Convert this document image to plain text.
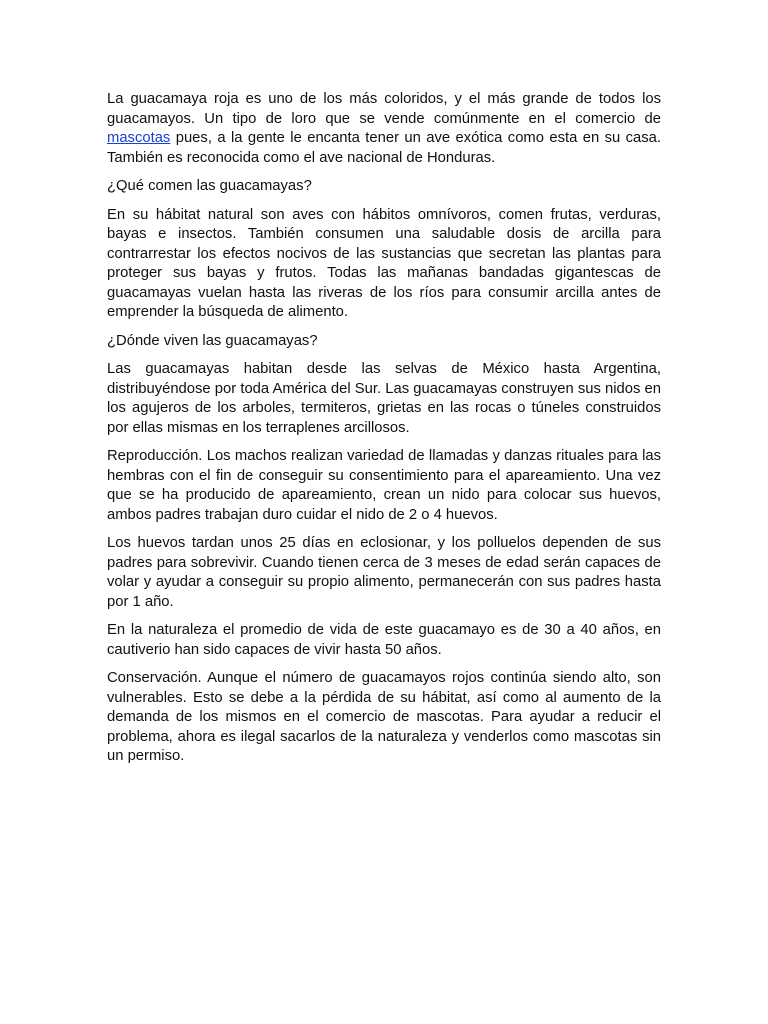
La guacamaya roja es uno de los más coloridos, y el más grande de todos los guacamayos. Un tipo de loro que se vende comúnmente en el comercio de mascotas pues, a la gente le encanta tener un ave exótica como esta en su casa. También es reconocida como el ave nacional de Honduras.

¿Qué comen las guacamayas?

En su hábitat natural son aves con hábitos omnívoros, comen frutas, verduras, bayas e insectos. También consumen una saludable dosis de arcilla para contrarrestar los efectos nocivos de las sustancias que secretan las plantas para proteger sus bayas y frutos. Todas las mañanas bandadas gigantescas de guacamayas vuelan hasta las riveras de los ríos para consumir arcilla antes de emprender la búsqueda de alimento.

¿Dónde viven las guacamayas?

Las guacamayas habitan desde las selvas de México hasta Argentina, distribuyéndose por toda América del Sur. Las guacamayas construyen sus nidos en los agujeros de los arboles, termiteros, grietas en las rocas o túneles construidos por ellas mismas en los terraplenes arcillosos.

Reproducción. Los machos realizan variedad de llamadas y danzas rituales para las hembras con el fin de conseguir su consentimiento para el apareamiento. Una vez que se ha producido de apareamiento, crean un nido para colocar sus huevos, ambos padres trabajan duro cuidar el nido de 2 o 4 huevos.

Los huevos tardan unos 25 días en eclosionar, y los polluelos dependen de sus padres para sobrevivir. Cuando tienen cerca de 3 meses de edad serán capaces de volar y ayudar a conseguir su propio alimento, permanecerán con sus padres hasta por 1 año.

En la naturaleza el promedio de vida de este guacamayo es de 30 a 40 años, en cautiverio han sido capaces de vivir hasta 50 años.

Conservación. Aunque el número de guacamayos rojos continúa siendo alto, son vulnerables. Esto se debe a la pérdida de su hábitat, así como al aumento de la demanda de los mismos en el comercio de mascotas. Para ayudar a reducir el problema, ahora es ilegal sacarlos de la naturaleza y venderlos como mascotas sin un permiso.
